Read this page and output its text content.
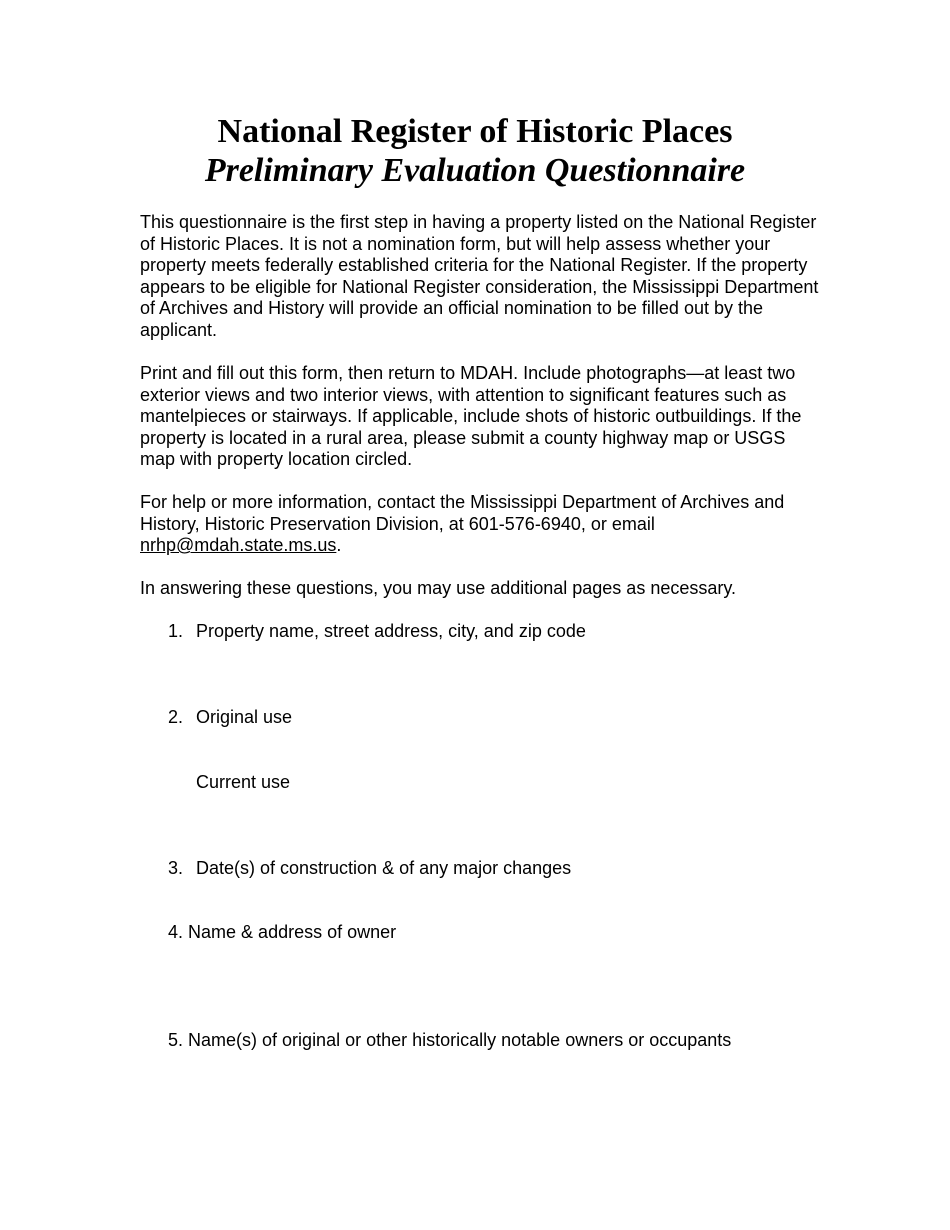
National Register of Historic Places

Preliminary Evaluation Questionnaire

This questionnaire is the first step in having a property listed on the National Register of Historic Places. It is not a nomination form, but will help assess whether your property meets federally established criteria for the National Register. If the property appears to be eligible for National Register consideration, the Mississippi Department of Archives and History will provide an official nomination to be filled out by the applicant.

Print and fill out this form, then return to MDAH. Include photographs—at least two exterior views and two interior views, with attention to significant features such as mantelpieces or stairways. If applicable, include shots of historic outbuildings. If the property is located in a rural area, please submit a county highway map or USGS map with property location circled.

For help or more information, contact the Mississippi Department of Archives and History, Historic Preservation Division, at 601-576-6940, or email nrhp@mdah.state.ms.us.

In answering these questions, you may use additional pages as necessary.

1. Property name, street address, city, and zip code

2. Original use

Current use

3. Date(s) of construction & of any major changes

4. Name & address of owner

5. Name(s) of original or other historically notable owners or occupants
